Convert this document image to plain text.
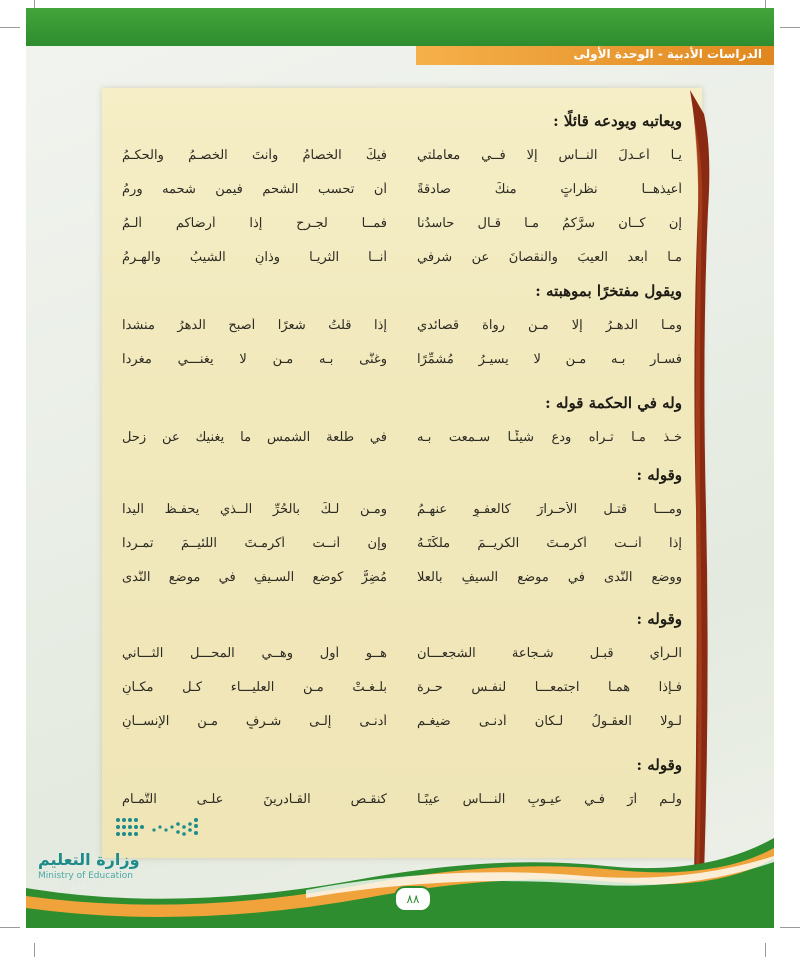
الدراسات الأدبية - الوحدة الأولى
ويعاتبه ويودعه قائلًا :
يـا أعـدلَ النــاسِ إلا فــي معاملتي
فيكَ الخصامُ وأنتَ الخصـمُ والحكـمُ
أعيذهــا نظراتٍ منكَ صادقةً
أن تحسب الشحم فيمن شحمه ورمُ
إن كــان سرَّكمُ مـا قـال حاسدُنا
فمــا لجـرحٍ إذا أرضاكم ألـمُ
مـا أبعد العيبَ والنقصانَ عن شرفي
أنــا الثريـا وذانِ الشيبُ والهـرمُ
ويقول مفتخرًا بموهبته :
ومـا الدهـرُ إلا مـن رواة قصائدي
إذا قلتُ شعرًا أصبح الدهرُ منشدا
فسـار بـه مـن لا يسيـرُ مُشمِّرًا
وغنَّى بـه مـن لا يغنـــي مغردا
وله في الحكمة قوله :
خـذ مـا تـراه ودع شيئًـا سـمعت بـه
في طلعة الشمس ما يغنيك عن زحل
وقوله :
ومـــا قتـل الأحـرارَ كالعفـوِ عنهـمُ
ومـن لـكَ بالحُرِّ الــذي يحفـظ اليدا
إذا أنــت أكرمـتَ الكريــمَ ملكْتَـهُ
وإن أنــت أكرمـتَ اللئيــمَ تمـردا
ووضع النَّدى في موضعِ السيفِ بالعلا
مُضِرٌّ كوضعِ السـيفِ في موضعِ النَّدى
وقوله :
الـرأي قبـل شـجاعة الشجعـــان
هــو أول وهــي المحـــل الثـــاني
فـإذا همـا اجتمعـــا لنفـسٍ حـرة
بلـغـتْ مـن العليـــاء كـل مكـانِ
لـولا العقـولُ لـكان أدنـى ضيغـم
أدنـى إلـى شـرفٍ مـن الإنســانِ
وقوله :
ولـم أرَ فـي عيـوبِ النـــاسِ عيبًـا
كنقـصِ القـادرينَ علـى التَّمـامِ
وزارة التعليم
Ministry of Education
2021 - 1443
٨٨
